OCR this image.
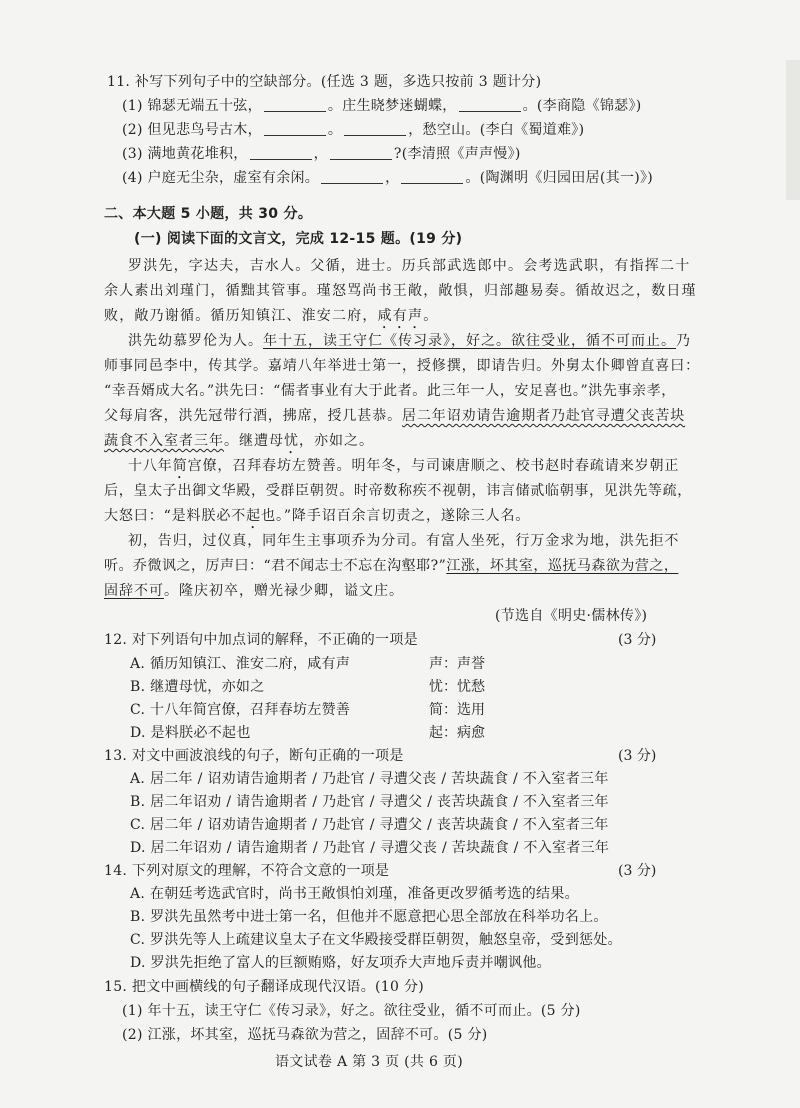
11. 补写下列句子中的空缺部分。(任选 3 题，多选只按前 3 题计分)
(1) 锦瑟无端五十弦，	。庄生晓梦迷蝴蝶，	。(李商隐《锦瑟》)
(2) 但见悲鸟号古木，	。	，愁空山。(李白《蜀道难》)
(3) 满地黄花堆积，	，	?(李清照《声声慢》)
(4) 户庭无尘杂，虚室有余闲。	，	。(陶渊明《归园田居(其一)》)
二、本大题 5 小题，共 30 分。
(一) 阅读下面的文言文，完成 12-15 题。(19 分)
罗洪先，字达夫，吉水人。父循，进士。历兵部武选郎中。会考选武职，有指挥二十
余人素出刘瑾门，循黜其管事。瑾怒骂尚书王敞，敞惧，归部趣易奏。循故迟之，数日瑾
败，敞乃谢循。循历知镇江、淮安二府，咸有声。
洪先幼慕罗伦为人。年十五，读王守仁《传习录》，好之。欲往受业，循不可而止。乃
师事同邑李中，传其学。嘉靖八年举进士第一，授修撰，即请告归。外舅太仆卿曾直喜曰：
“幸吾婿成大名。”洪先曰：“儒者事业有大于此者。此三年一人，安足喜也。”洪先事亲孝，
父每肩客，洪先冠带行酒，拂席，授几甚恭。居二年诏劝请告逾期者乃赴官寻遭父丧苦块
蔬食不入室者三年。继遭母忧，亦如之。
十八年简宫僚，召拜春坊左赞善。明年冬，与司谏唐顺之、校书赵时春疏请来岁朝正
后，皇太子出御文华殿，受群臣朝贺。时帝数称疾不视朝，讳言储贰临朝事，见洪先等疏，
大怒曰：“是料朕必不起也。”降手诏百余言切责之，遂除三人名。
初，告归，过仪真，同年生主事项乔为分司。有富人坐死，行万金求为地，洪先拒不
听。乔微讽之，厉声曰：“君不闻志士不忘在沟壑耶?”江涨，坏其室，巡抚马森欲为营之，
固辞不可。隆庆初卒，赠光禄少卿，谥文庄。
(节选自《明史·儒林传》)
12. 对下列语句中加点词的解释，不正确的一项是	(3 分)
A. 循历知镇江、淮安二府，咸有声	声：声誉
B. 继遭母忧，亦如之	忧：忧愁
C. 十八年简宫僚，召拜春坊左赞善	简：选用
D. 是料朕必不起也	起：病愈
13. 对文中画波浪线的句子，断句正确的一项是	(3 分)
A. 居二年 / 诏劝请告逾期者 / 乃赴官 / 寻遭父丧 / 苦块蔬食 / 不入室者三年
B. 居二年诏劝 / 请告逾期者 / 乃赴官 / 寻遭父 / 丧苦块蔬食 / 不入室者三年
C. 居二年 / 诏劝请告逾期者 / 乃赴官 / 寻遭父 / 丧苦块蔬食 / 不入室者三年
D. 居二年诏劝 / 请告逾期者 / 乃赴官 / 寻遭父丧 / 苦块蔬食 / 不入室者三年
14. 下列对原文的理解，不符合文意的一项是	(3 分)
A. 在朝廷考选武官时，尚书王敞惧怕刘瑾，准备更改罗循考选的结果。
B. 罗洪先虽然考中进士第一名，但他并不愿意把心思全部放在科举功名上。
C. 罗洪先等人上疏建议皇太子在文华殿接受群臣朝贺，触怒皇帝，受到惩处。
D. 罗洪先拒绝了富人的巨额贿赂，好友项乔大声地斥责并嘲讽他。
15. 把文中画横线的句子翻译成现代汉语。(10 分)
(1) 年十五，读王守仁《传习录》，好之。欲往受业，循不可而止。(5 分)
(2) 江涨，坏其室，巡抚马森欲为营之，固辞不可。(5 分)
语文试卷 A 第 3 页 (共 6 页)
